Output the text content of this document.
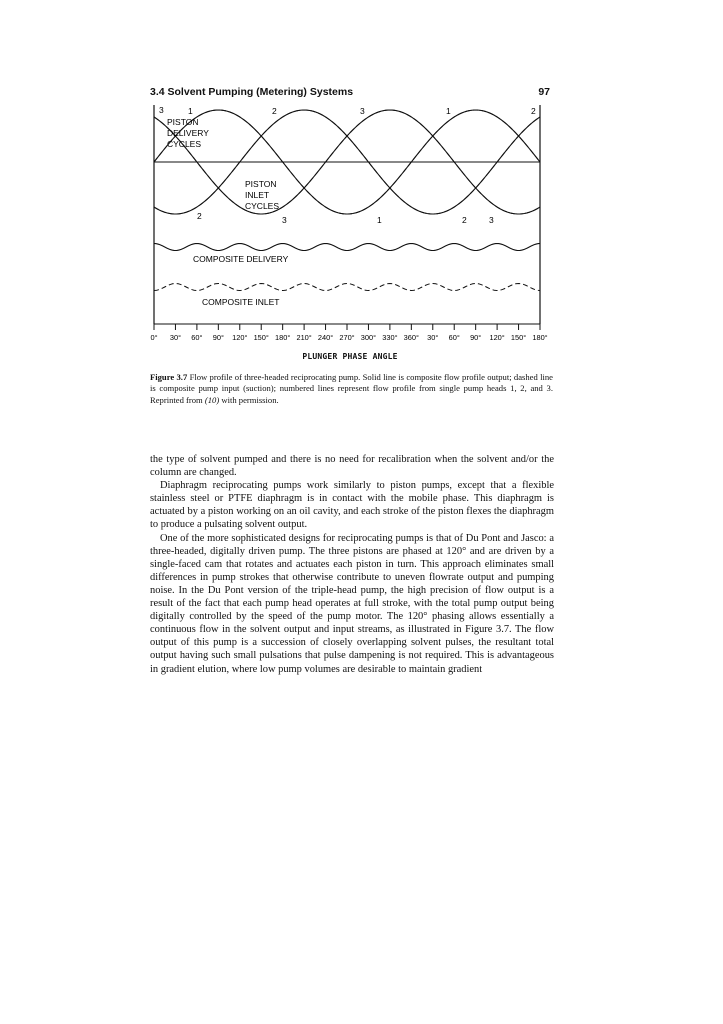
3.4 Solvent Pumping (Metering) Systems	97
PISTON
DELIVERY
CYCLES
PISTON
INLET
CYCLES
COMPOSITE DELIVERY
COMPOSITE INLET
3	1	2	3	1	2
2	3	1	2	3
0° 30° 60° 90° 120° 150° 180° 210° 240° 270° 300° 330° 360° 30° 60° 90° 120° 150° 180°
PLUNGER PHASE ANGLE
Figure 3.7 Flow profile of three-headed reciprocating pump. Solid line is composite flow profile output; dashed line is composite pump input (suction); numbered lines represent flow profile from single pump heads 1, 2, and 3. Reprinted from (10) with permission.

the type of solvent pumped and there is no need for recalibration when the solvent and/or the column are changed.

Diaphragm reciprocating pumps work similarly to piston pumps, except that a flexible stainless steel or PTFE diaphragm is in contact with the mobile phase. This diaphragm is actuated by a piston working on an oil cavity, and each stroke of the piston flexes the diaphragm to produce a pulsating solvent output.

One of the more sophisticated designs for reciprocating pumps is that of Du Pont and Jasco: a three-headed, digitally driven pump. The three pistons are phased at 120° and are driven by a single-faced cam that rotates and actuates each piston in turn. This approach eliminates small differences in pump strokes that otherwise contribute to uneven flowrate output and pumping noise. In the Du Pont version of the triple-head pump, the high precision of flow output is a result of the fact that each pump head operates at full stroke, with the total pump output being digitally controlled by the speed of the pump motor. The 120° phasing allows essentially a continuous flow in the solvent output and input streams, as illustrated in Figure 3.7. The flow output of this pump is a succession of closely overlapping solvent pulses, the resultant total output having such small pulsations that pulse dampening is not required. This is advantageous in gradient elution, where low pump volumes are desirable to maintain gradient
